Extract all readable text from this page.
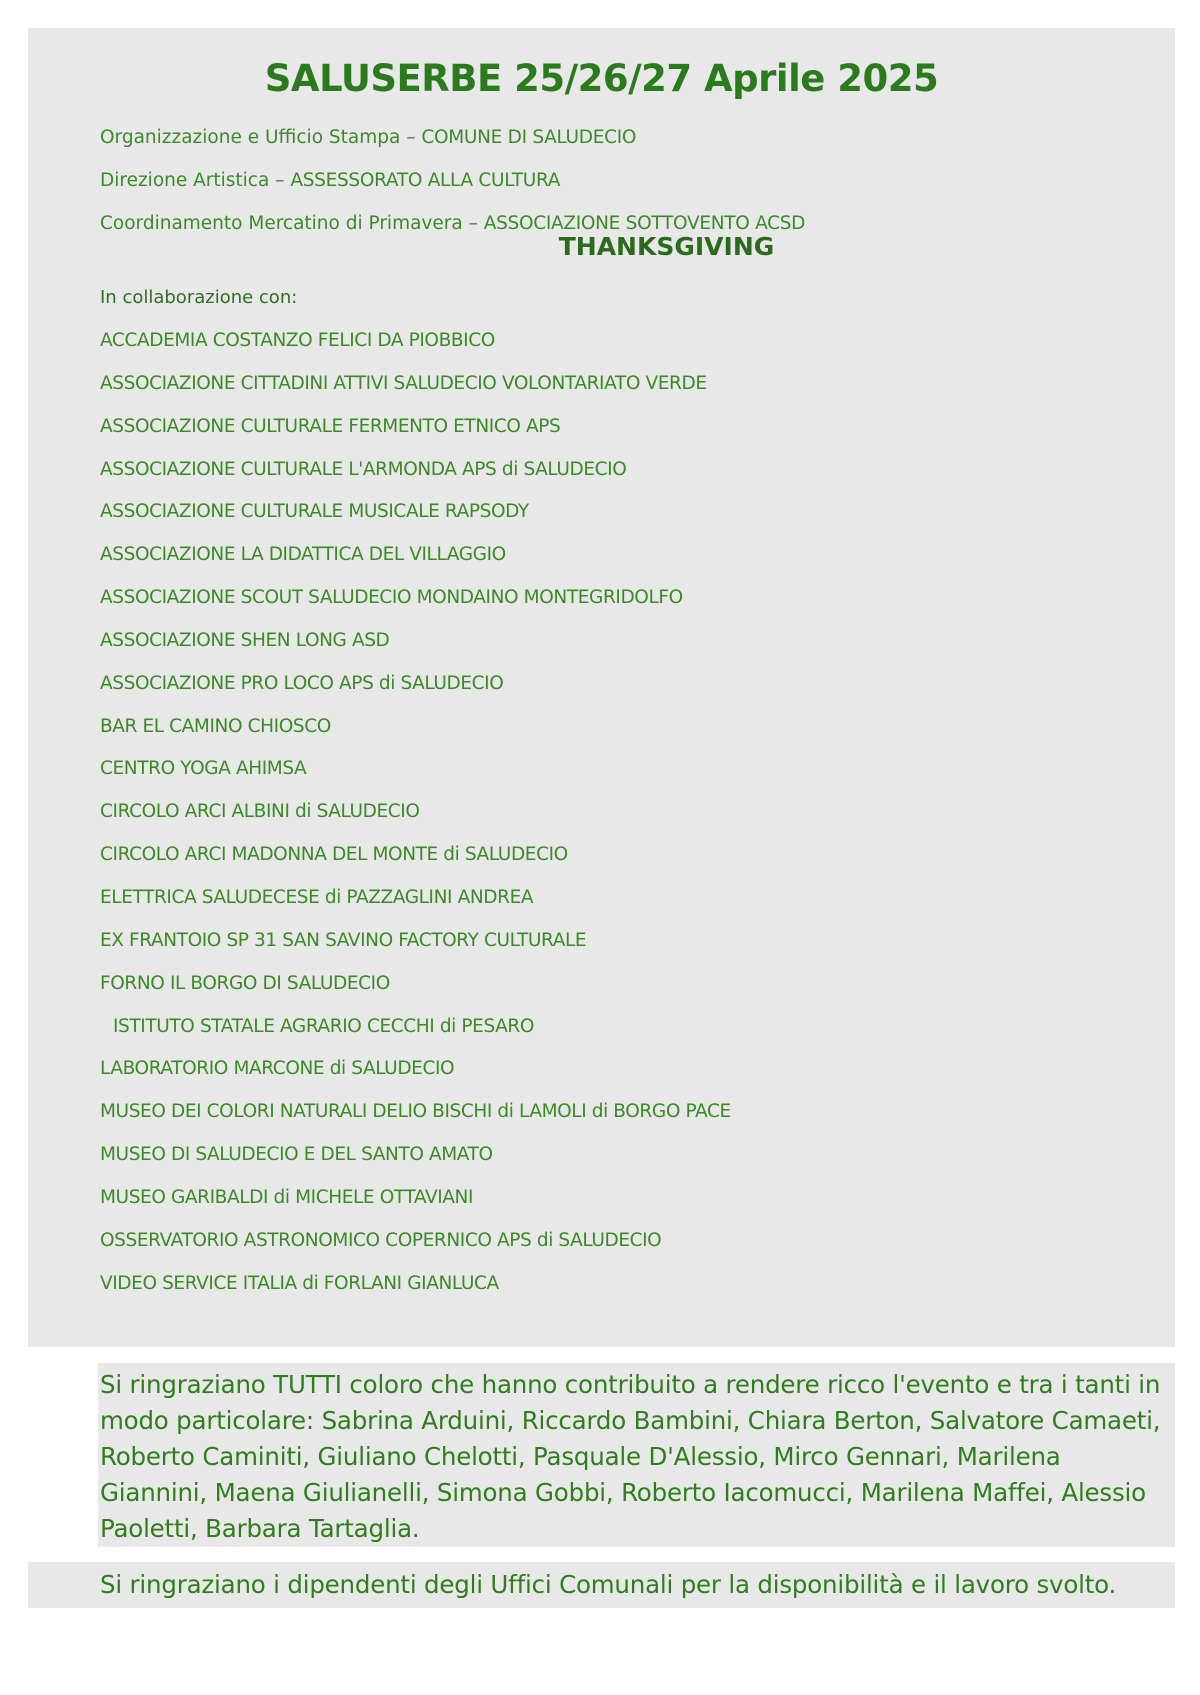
SALUSERBE 25/26/27 Aprile 2025
Organizzazione e Ufficio Stampa – COMUNE DI SALUDECIO
Direzione Artistica – ASSESSORATO ALLA CULTURA
Coordinamento Mercatino di Primavera – ASSOCIAZIONE SOTTOVENTO ACSD
THANKSGIVING

In collaborazione con:

ACCADEMIA COSTANZO FELICI DA PIOBBICO
ASSOCIAZIONE CITTADINI ATTIVI SALUDECIO VOLONTARIATO VERDE
ASSOCIAZIONE CULTURALE FERMENTO ETNICO APS
ASSOCIAZIONE CULTURALE L'ARMONDA APS di SALUDECIO
ASSOCIAZIONE CULTURALE MUSICALE RAPSODY
ASSOCIAZIONE LA DIDATTICA DEL VILLAGGIO
ASSOCIAZIONE SCOUT SALUDECIO MONDAINO MONTEGRIDOLFO
ASSOCIAZIONE SHEN LONG ASD
ASSOCIAZIONE PRO LOCO APS di SALUDECIO
BAR EL CAMINO CHIOSCO
CENTRO YOGA AHIMSA
CIRCOLO ARCI ALBINI di SALUDECIO
CIRCOLO ARCI MADONNA DEL MONTE di SALUDECIO
ELETTRICA SALUDECESE di PAZZAGLINI ANDREA
EX FRANTOIO SP 31 SAN SAVINO FACTORY CULTURALE
FORNO IL BORGO DI SALUDECIO
ISTITUTO STATALE AGRARIO CECCHI di PESARO
LABORATORIO MARCONE di SALUDECIO
MUSEO DEI COLORI NATURALI DELIO BISCHI di LAMOLI di BORGO PACE
MUSEO DI SALUDECIO E DEL SANTO AMATO
MUSEO GARIBALDI di MICHELE OTTAVIANI
OSSERVATORIO ASTRONOMICO COPERNICO APS di SALUDECIO
VIDEO SERVICE ITALIA di FORLANI GIANLUCA

Si ringraziano TUTTI coloro che hanno contribuito a rendere ricco l'evento e tra i tanti in modo particolare: Sabrina Arduini, Riccardo Bambini, Chiara Berton, Salvatore Camaeti, Roberto Caminiti, Giuliano Chelotti, Pasquale D'Alessio, Mirco Gennari, Marilena Giannini, Maena Giulianelli, Simona Gobbi, Roberto Iacomucci, Marilena Maffei, Alessio Paoletti, Barbara Tartaglia.

Si ringraziano i dipendenti degli Uffici Comunali per la disponibilità e il lavoro svolto.
